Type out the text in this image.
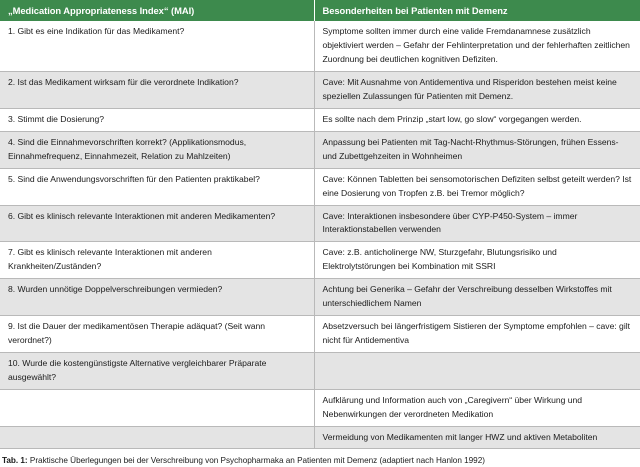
„Medication Appropriateness Index“ (MAI)	Besonderheiten bei Patienten mit Demenz
1. Gibt es eine Indikation für das Medikament?	Symptome sollten immer durch eine valide Fremdanamnese zusätzlich objektiviert werden – Gefahr der Fehlinterpretation und der fehlerhaften zeitlichen Zuordnung bei deutlichen kognitiven Defiziten.
2. Ist das Medikament wirksam für die verordnete Indikation?	Cave: Mit Ausnahme von Antidementiva und Risperidon bestehen meist keine speziellen Zulassungen für Patienten mit Demenz.
3. Stimmt die Dosierung?	Es sollte nach dem Prinzip „start low, go slow“ vorgegangen werden.
4. Sind die Einnahmevorschriften korrekt? (Applikationsmodus, Einnahmefrequenz, Einnahmezeit, Relation zu Mahlzeiten)	Anpassung bei Patienten mit Tag-Nacht-Rhythmus-Störungen, frühen Essens- und Zubettgehzeiten in Wohnheimen
5. Sind die Anwendungsvorschriften für den Patienten praktikabel?	Cave: Können Tabletten bei sensomotorischen Defiziten selbst geteilt werden? Ist eine Dosierung von Tropfen z.B. bei Tremor möglich?
6. Gibt es klinisch relevante Interaktionen mit anderen Medikamenten?	Cave: Interaktionen insbesondere über CYP-P450-System – immer Interaktionstabellen verwenden
7. Gibt es klinisch relevante Interaktionen mit anderen Krankheiten/Zuständen?	Cave: z.B. anticholinerge NW, Sturzgefahr, Blutungsrisiko und Elektrolytstörungen bei Kombination mit SSRI
8. Wurden unnötige Doppelverschreibungen vermieden?	Achtung bei Generika – Gefahr der Verschreibung desselben Wirkstoffes mit unterschiedlichem Namen
9. Ist die Dauer der medikamentösen Therapie adäquat? (Seit wann verordnet?)	Absetzversuch bei längerfristigem Sistieren der Symptome empfohlen – cave: gilt nicht für Antidementiva
10. Wurde die kostengünstigste Alternative vergleichbarer Präparate ausgewählt?	
	Aufklärung und Information auch von „Caregivern“ über Wirkung und Nebenwirkungen der verordneten Medikation
	Vermeidung von Medikamenten mit langer HWZ und aktiven Metaboliten
Tab. 1: Praktische Überlegungen bei der Verschreibung von Psychopharmaka an Patienten mit Demenz (adaptiert nach Hanlon 1992)
